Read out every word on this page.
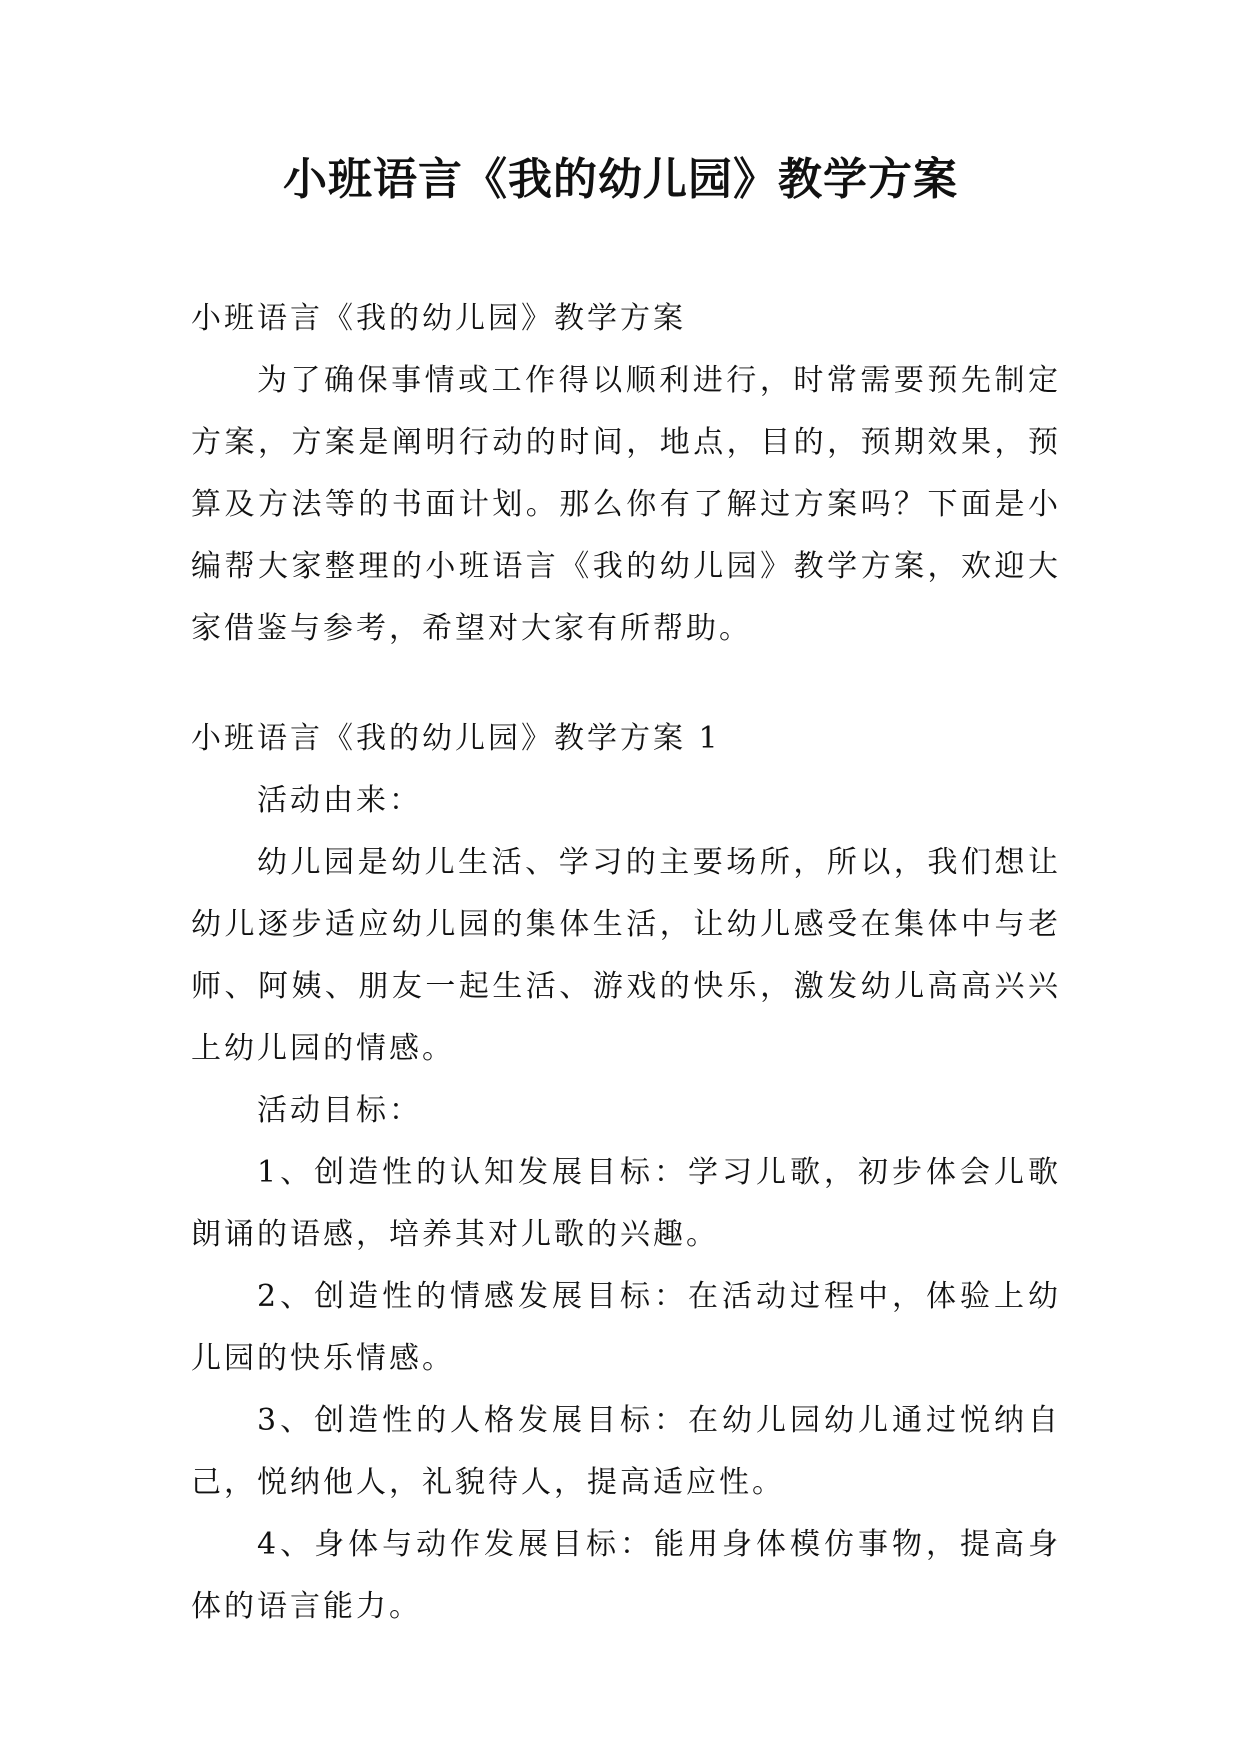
小班语言《我的幼儿园》教学方案

小班语言《我的幼儿园》教学方案

为了确保事情或工作得以顺利进行，时常需要预先制定方案，方案是阐明行动的时间，地点，目的，预期效果，预算及方法等的书面计划。那么你有了解过方案吗？下面是小编帮大家整理的小班语言《我的幼儿园》教学方案，欢迎大家借鉴与参考，希望对大家有所帮助。

小班语言《我的幼儿园》教学方案 1

活动由来：

幼儿园是幼儿生活、学习的主要场所，所以，我们想让幼儿逐步适应幼儿园的集体生活，让幼儿感受在集体中与老师、阿姨、朋友一起生活、游戏的快乐，激发幼儿高高兴兴上幼儿园的情感。

活动目标：

1、创造性的认知发展目标：学习儿歌，初步体会儿歌朗诵的语感，培养其对儿歌的兴趣。

2、创造性的情感发展目标：在活动过程中，体验上幼儿园的快乐情感。

3、创造性的人格发展目标：在幼儿园幼儿通过悦纳自己，悦纳他人，礼貌待人，提高适应性。

4、身体与动作发展目标：能用身体模仿事物，提高身体的语言能力。
